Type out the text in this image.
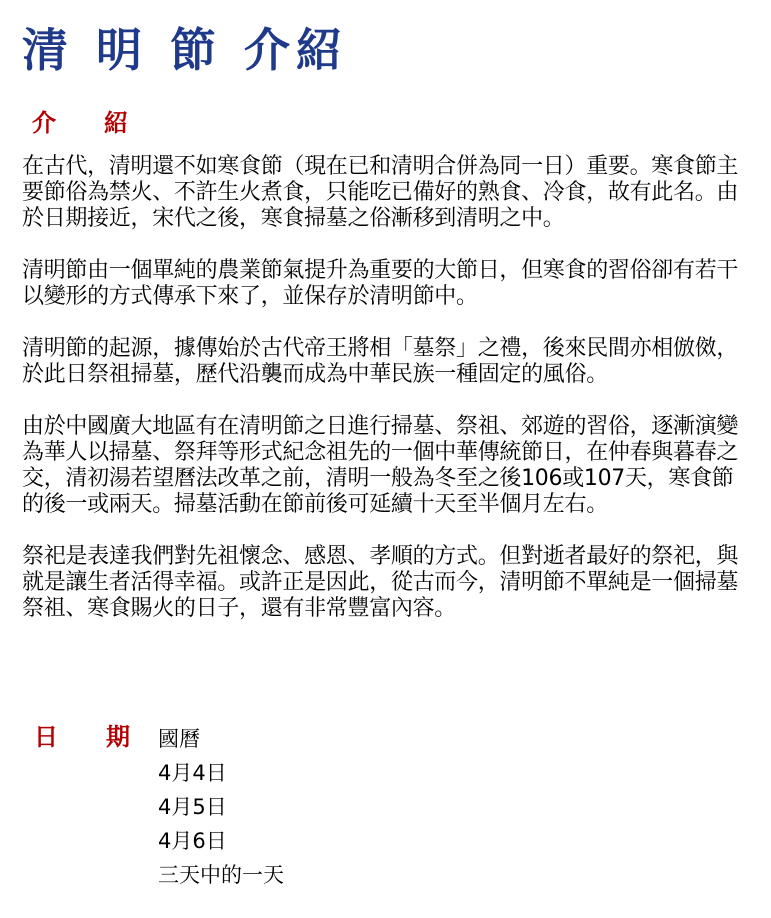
清 明 節 介紹
介 紹

在古代，清明還不如寒食節（現在已和清明合併為同一日）重要。寒食節主要節俗為禁火、不許生火煮食，只能吃已備好的熟食、冷食，故有此名。由於日期接近，宋代之後，寒食掃墓之俗漸移到清明之中。

清明節由一個單純的農業節氣提升為重要的大節日，但寒食的習俗卻有若干以變形的方式傳承下來了，並保存於清明節中。

清明節的起源，據傳始於古代帝王將相「墓祭」之禮，後來民間亦相倣傚，於此日祭祖掃墓，歷代沿襲而成為中華民族一種固定的風俗。

由於中國廣大地區有在清明節之日進行掃墓、祭祖、郊遊的習俗，逐漸演變為華人以掃墓、祭拜等形式紀念祖先的一個中華傳統節日，在仲春與暮春之交，清初湯若望曆法改革之前，清明一般為冬至之後106或107天，寒食節的後一或兩天。掃墓活動在節前後可延續十天至半個月左右。

祭祀是表達我們對先祖懷念、感恩、孝順的方式。但對逝者最好的祭祀，與就是讓生者活得幸福。或許正是因此，從古而今，清明節不單純是一個掃墓祭祖、寒食賜火的日子，還有非常豐富內容。

日 期	國曆
4月4日
4月5日
4月6日
三天中的一天
